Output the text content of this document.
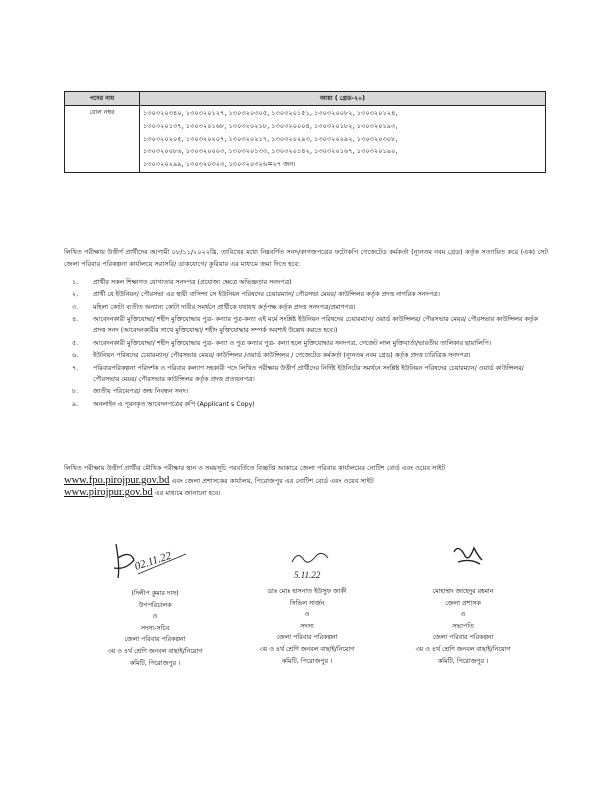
পদের নাম	আয়া ( গ্রেড-২০)
রোল নম্বর	১৩০৩২০৩৪০, ১৩০৩২০১২৭, ১৩০৩২০৩০৫, ১৩০৩২০১৫১, ১৩০৩২০০৮২, ১৩০৩২০১২৪,
১৩০৩২০১৩৭, ১৩০৩২০১৬৮, ১৩০৩২০২১৮, ১৩০৩২০০০৪, ১৩০৩২০১৮২, ১৩০৩২০১৯৩,
১৩০৩২০২০৫, ১৩০৩২০২০৭, ১৩০৩২০২১৭, ১৩০৩২০২৯৩, ১৩০৩২০২৯২, ১৩০৩২০৩০৮,
১৩০৩২০০৮৬, ১৩০৩২০০০৩, ১৩০৩২০১৩৩, ১৩০৩২০১৪২, ১৩০৩২০১৬৭, ১৩০৩২০১৯০,
১৩০৩২০২৯৯, ১৩০৩২০৩২৩, ১৩০৩২০৩২৬=২৭ জন।

লিখিত পরীক্ষায় উত্তীর্ণ প্রার্থীদের আগামী ০৮/১১/২০২২খ্রি. তারিখের মধ্যে নিম্নবর্ণিত সনদ/কাগজপত্রের ফটোকপি গেজেটেড কর্মকর্তা (ন্যূনতম নবম গ্রেড) কর্তৃক সত্যায়িত করে (এক) সেট জেলা পরিবার পরিকল্পনা কার্যালয়ে সরাসরি/ ডাকযোগে/ কুরিয়ার এর মাধ্যমে জমা দিতে হবে:

১. প্রার্থীর সকল শিক্ষাগত যোগ্যতার সনদপত্র (প্রযোজ্য ক্ষেত্রে অভিজ্ঞতার সনদপত্র)
২. প্রার্থী যে ইউনিয়ন/ পৌরসভা এর স্থায়ী বাসিন্দা সে ইউনিয়ন পরিষদের চেয়ারম্যান/ পৌরসভা মেয়র/ কাউন্সিলর কর্তৃক প্রদত্ত নাগরিক সনদপত্র।
৩. মহিলা কোটা ব্যতীত অন্যান্য কোটা দাবীর সমর্থনে প্রার্থীকে যথাযথ কর্তৃপক্ষ কর্তৃক প্রদত্ত সনদপত্র/প্রমাণপত্র।
৪. আবেদনকারী মুক্তিযোদ্ধা/ শহীদ মুক্তিযোদ্ধার পুত্র- কন্যার পুত্র-কন্যা এই মর্মে সংশ্লিষ্ট ইউনিয়ন পরিষদের চেয়ারম্যান/ ওয়ার্ড কাউন্সিলর/ পৌরসভার মেয়র/ পৌরসভার কাউন্সিলর কর্তৃক প্রদত্ত সনদ (আবেদনকারীর সাথে মুক্তিযোদ্ধা/ শহীদ মুক্তিযোদ্ধার সম্পর্ক অবশ্যই উল্লেখ করতে হবে।)
৫. আবেদনকারী মুক্তিযোদ্ধা/ শহীদ মুক্তিযোদ্ধার পুত্র- কন্যা ও পুত্র কন্যার পুত্র- কন্যা হলে মুক্তিযোদ্ধার সনদপত্র, গেজেট লাল মুক্তিবার্তা/ভারতীয় তালিকার ছায়ালিপি।
৬. ইউনিয়ন পরিষদের চেয়ারম্যান/ পৌরসভার মেয়র/ কাউন্সিলর /ওয়ার্ড কাউন্সিলর / গেজেটেড কর্মকর্তা (ন্যূনতম নবম গ্রেড) কর্তৃক প্রদত্ত চারিত্রিক সনদপত্র।
৭. পরিবারপরিকল্পনা পরিদর্শক ও পরিবার কল্যাণ সহকারী পদে লিখিত পরীক্ষায় উত্তীর্ণ প্রার্থীদের নির্দিষ্ট ইউনিটের সমর্থনে সংশ্লিষ্ট ইউনিয়ন পরিষদের চেয়ারম্যান/ ওয়ার্ড কাউন্সিলর/পৌরসভার মেয়র/ পৌরসভার কাউন্সিলর কর্তৃক প্রদত্ত প্রত্যয়নপত্র।
৮. জাতীয় পরিচয়পত্র/ জন্ম নিবন্ধন সনদ।
৯. অনলাইন এ পূরনকৃত আবেদনপত্রের কপি (Applicant s Copy)

লিখিত পরীক্ষায় উত্তীর্ণ প্রার্থীর মৌখিক পরীক্ষার স্থান ও সময়সূচি পরবর্তিতে বিজ্ঞপ্তি আকারে জেলা পরিবার কার্যালয়ের নোটিশ বোর্ড এবং ওয়েব সাইট www.fpo.pirojpur.gov.bd এবং জেলা প্রশাসকের কার্যালয়, পিরোজপুর এর নোটিশ বোর্ড এবং ওয়েব সাইট
www.pirojpur.gov.bd এর মাধ্যমে জানানো হবে।

02.11.22
5.11.22
(দিলীপ কুমার দাস)
উপপরিচালক
ও
সদস্য-সচিব
জেলা পরিবার পরিকল্পনা
৩য় ও ৪র্থ শ্রেণি জনবল বাছাই/নিয়োগ
কমিটি, পিরোজপুর ।
ডাঃ মোঃ হাসনাত ইউসুফ জাকী
সিভিল সার্জন
ও
সদস্য
জেলা পরিবার পরিকল্পনা
৩য় ও ৪র্থ শ্রেণি জনবল বাছাই/নিয়োগ
কমিটি, পিরোজপুর ।
মোহাম্মদ জাহেদুর রহমান
জেলা প্রশাসক
ও
সভাপতি
জেলা পরিবার পরিকল্পনা
৩য় ও ৪র্থ শ্রেণি জনবল বাছাই/নিয়োগ
কমিটি, পিরোজপুর ।
